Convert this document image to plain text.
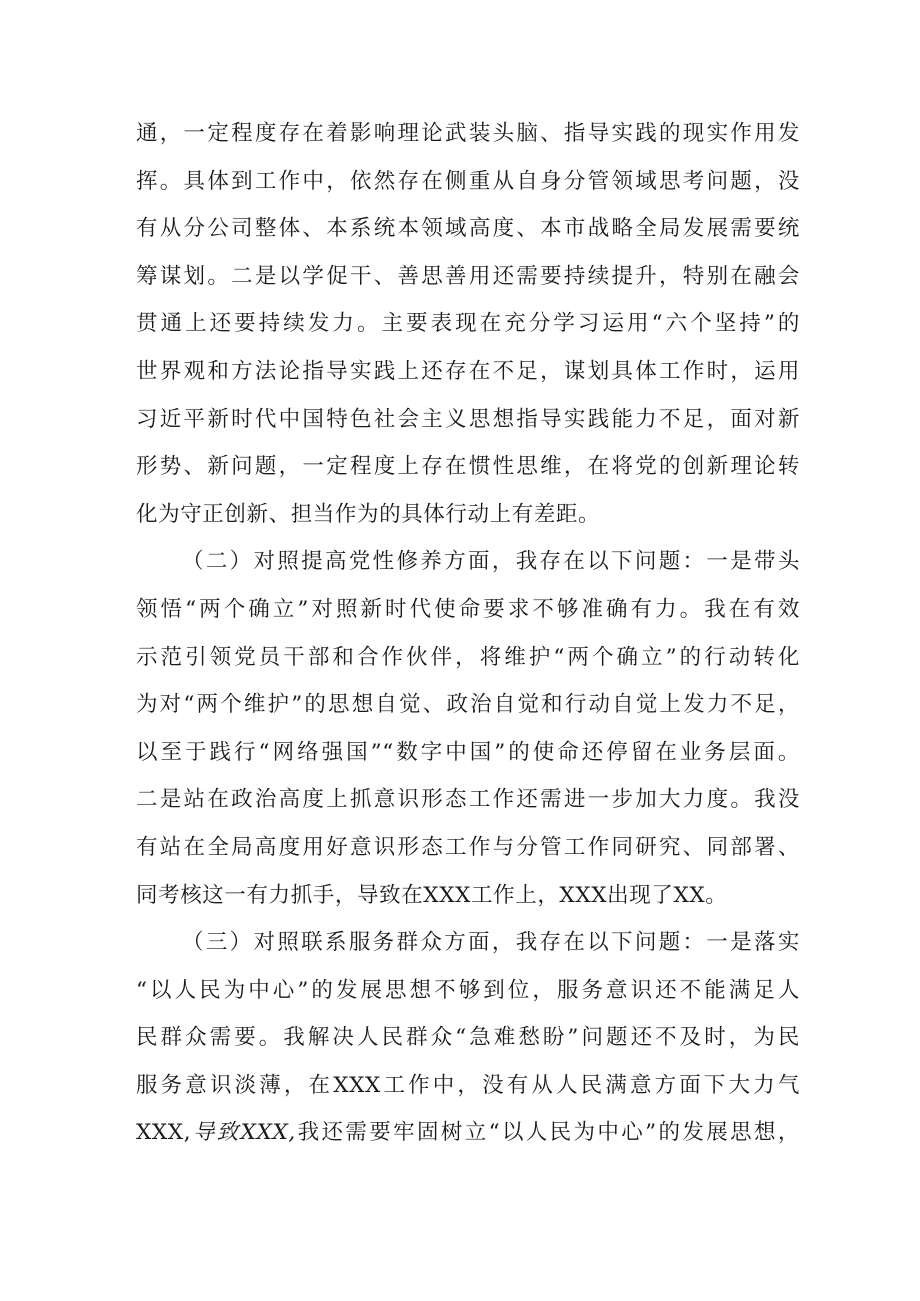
通，一定程度存在着影响理论武装头脑、指导实践的现实作用发
挥。具体到工作中，依然存在侧重从自身分管领域思考问题，没
有从分公司整体、本系统本领域高度、本市战略全局发展需要统
筹谋划。二是以学促干、善思善用还需要持续提升，特别在融会
贯通上还要持续发力。主要表现在充分学习运用“六个坚持”的
世界观和方法论指导实践上还存在不足，谋划具体工作时，运用
习近平新时代中国特色社会主义思想指导实践能力不足，面对新
形势、新问题，一定程度上存在惯性思维，在将党的创新理论转
化为守正创新、担当作为的具体行动上有差距。
（二）对照提高党性修养方面，我存在以下问题：一是带头
领悟“两个确立”对照新时代使命要求不够准确有力。我在有效
示范引领党员干部和合作伙伴，将维护“两个确立”的行动转化
为对“两个维护”的思想自觉、政治自觉和行动自觉上发力不足，
以至于践行“网络强国”“数字中国”的使命还停留在业务层面。
二是站在政治高度上抓意识形态工作还需进一步加大力度。我没
有站在全局高度用好意识形态工作与分管工作同研究、同部署、
同考核这一有力抓手，导致在XXX工作上，XXX出现了XX。
（三）对照联系服务群众方面，我存在以下问题：一是落实
“以人民为中心”的发展思想不够到位，服务意识还不能满足人
民群众需要。我解决人民群众“急难愁盼”问题还不及时，为民
服务意识淡薄，在XXX工作中，没有从人民满意方面下大力气
XXX,导致XXX,我还需要牢固树立“以人民为中心”的发展思想，
